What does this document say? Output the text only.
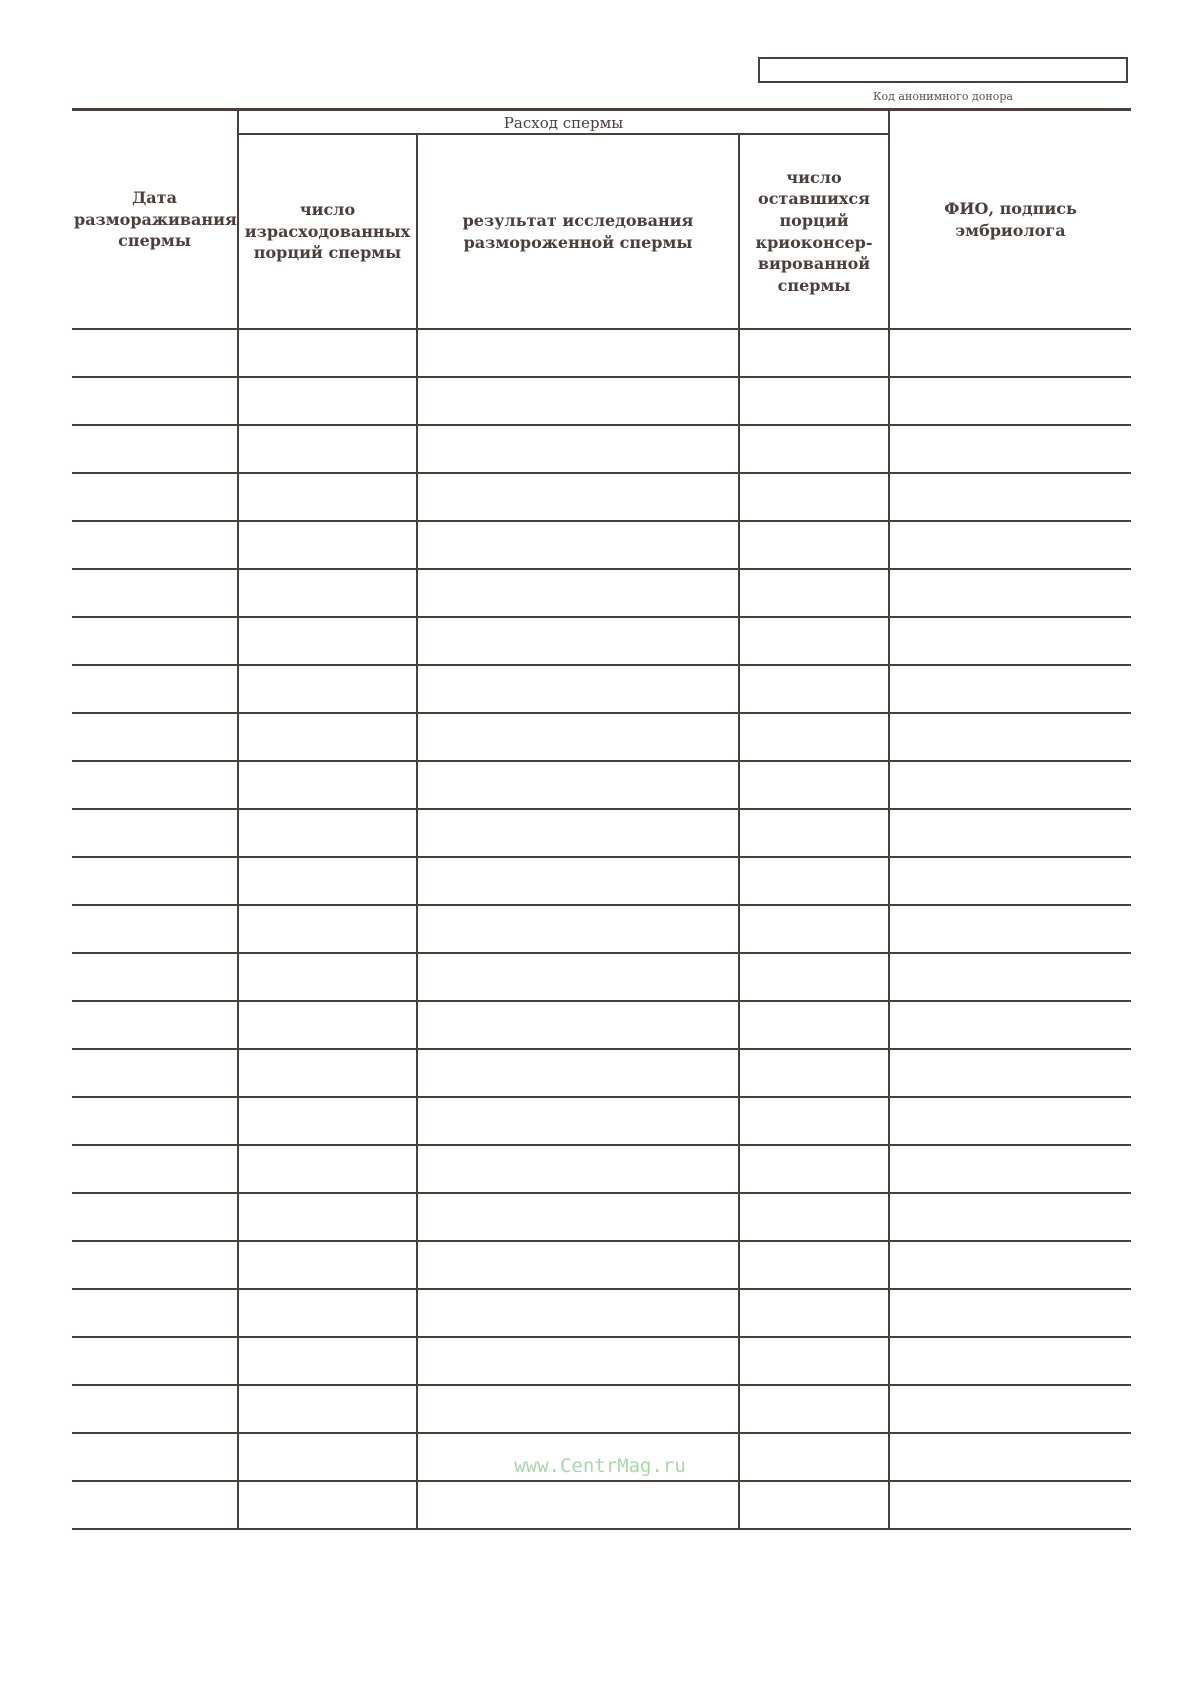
Код анонимного донора
Дата размораживания спермы	Расход спермы			ФИО, подпись эмбриолога
	число израсходованных порций спермы	результат исследования размороженной спермы	число оставшихся порций криоконсер-вированной спермы	

www.CentrMag.ru
